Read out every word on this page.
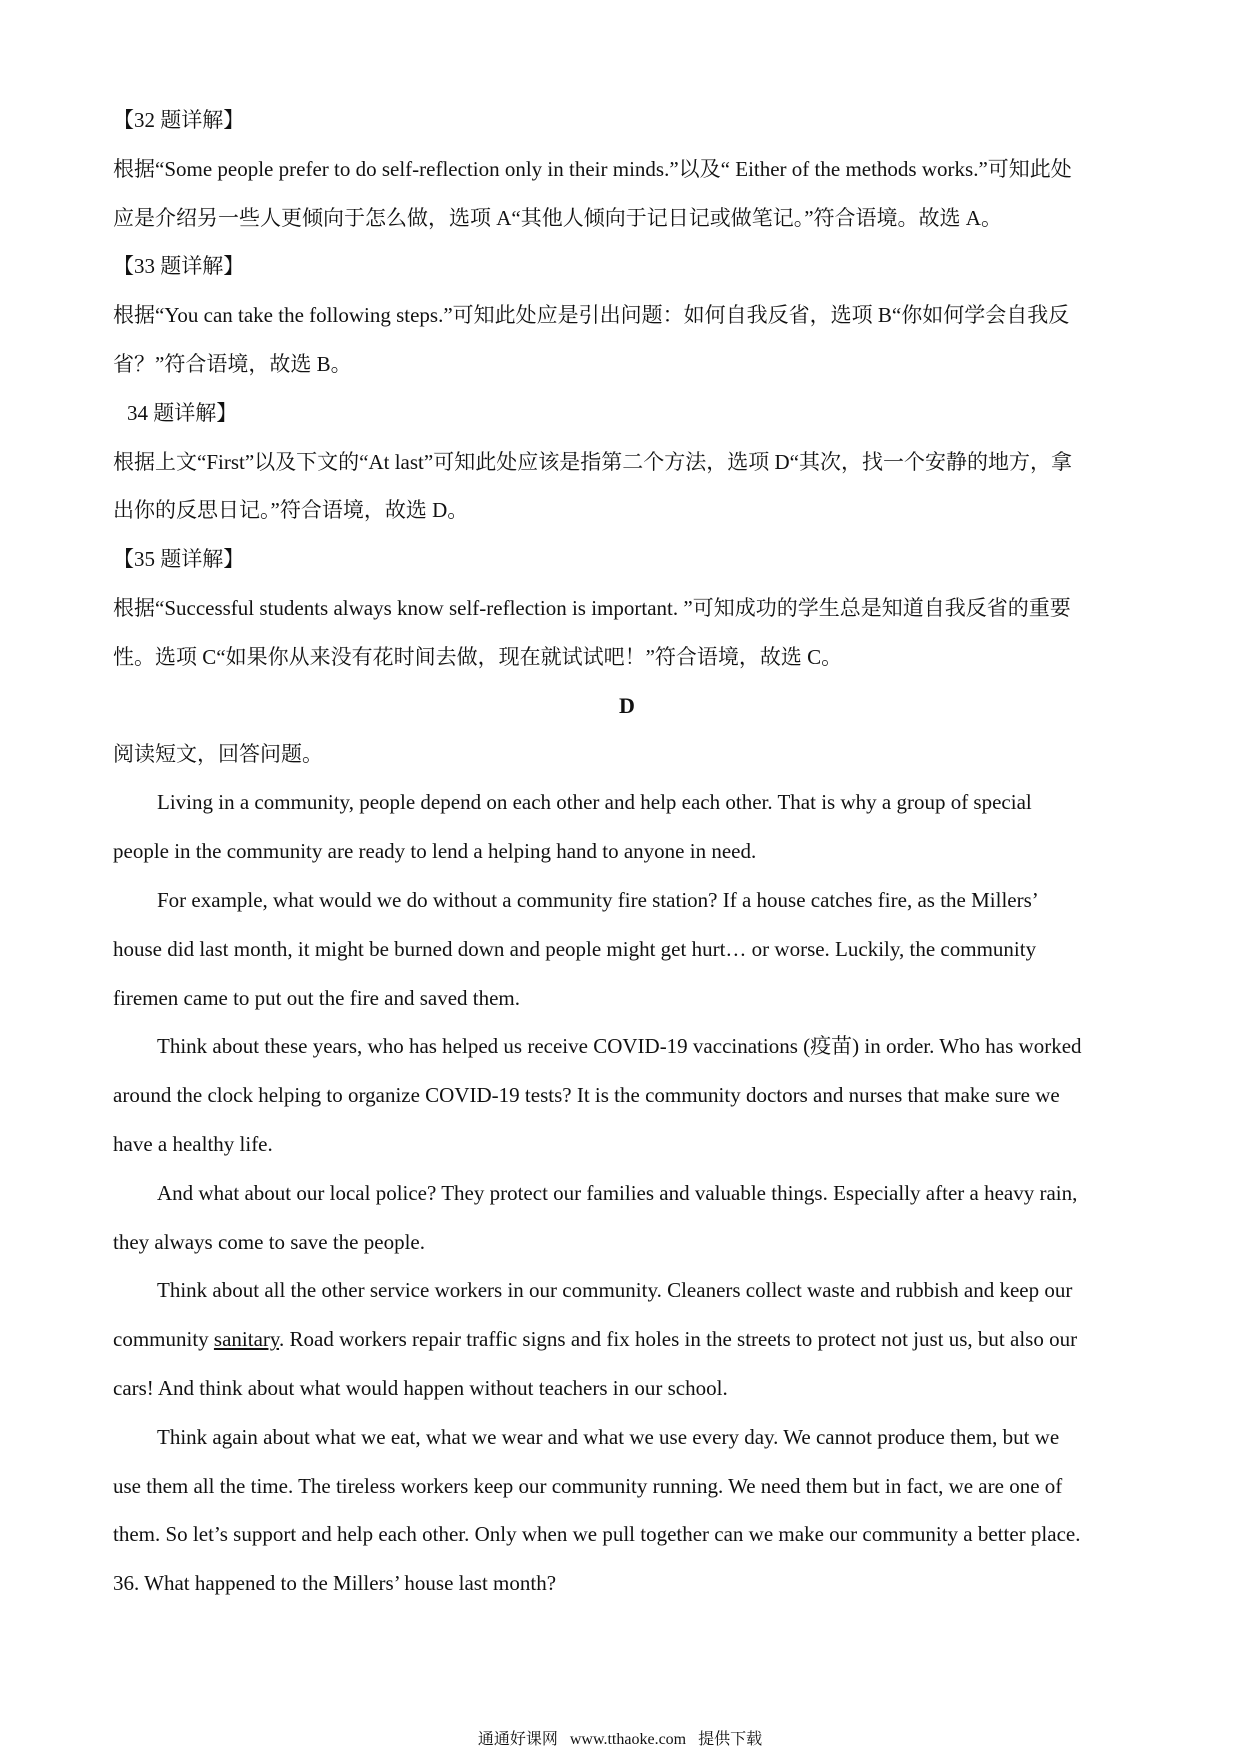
【32 题详解】
根据“Some people prefer to do self-reflection only in their minds.”以及“ Either of the methods works.”可知此处
应是介绍另一些人更倾向于怎么做，选项 A“其他人倾向于记日记或做笔记。”符合语境。故选 A。
【33 题详解】
根据“You can take the following steps.”可知此处应是引出问题：如何自我反省，选项 B“你如何学会自我反
省？”符合语境，故选 B。
34 题详解】
根据上文“First”以及下文的“At last”可知此处应该是指第二个方法，选项 D“其次，找一个安静的地方，拿
出你的反思日记。”符合语境，故选 D。
【35 题详解】
根据“Successful students always know self-reflection is important. ”可知成功的学生总是知道自我反省的重要
性。选项 C“如果你从来没有花时间去做，现在就试试吧！”符合语境，故选 C。
D
阅读短文，回答问题。
Living in a community, people depend on each other and help each other. That is why a group of special
people in the community are ready to lend a helping hand to anyone in need.
For example, what would we do without a community fire station? If a house catches fire, as the Millers’
house did last month, it might be burned down and people might get hurt… or worse. Luckily, the community
firemen came to put out the fire and saved them.
Think about these years, who has helped us receive COVID-19 vaccinations (疫苗) in order. Who has worked
around the clock helping to organize COVID-19 tests? It is the community doctors and nurses that make sure we
have a healthy life.
And what about our local police? They protect our families and valuable things. Especially after a heavy rain,
they always come to save the people.
Think about all the other service workers in our community. Cleaners collect waste and rubbish and keep our
community sanitary. Road workers repair traffic signs and fix holes in the streets to protect not just us, but also our
cars! And think about what would happen without teachers in our school.
Think again about what we eat, what we wear and what we use every day. We cannot produce them, but we
use them all the time. The tireless workers keep our community running. We need them but in fact, we are one of
them. So let’s support and help each other. Only when we pull together can we make our community a better place.
36. What happened to the Millers’ house last month?
通通好课网 www.tthaoke.com 提供下载
